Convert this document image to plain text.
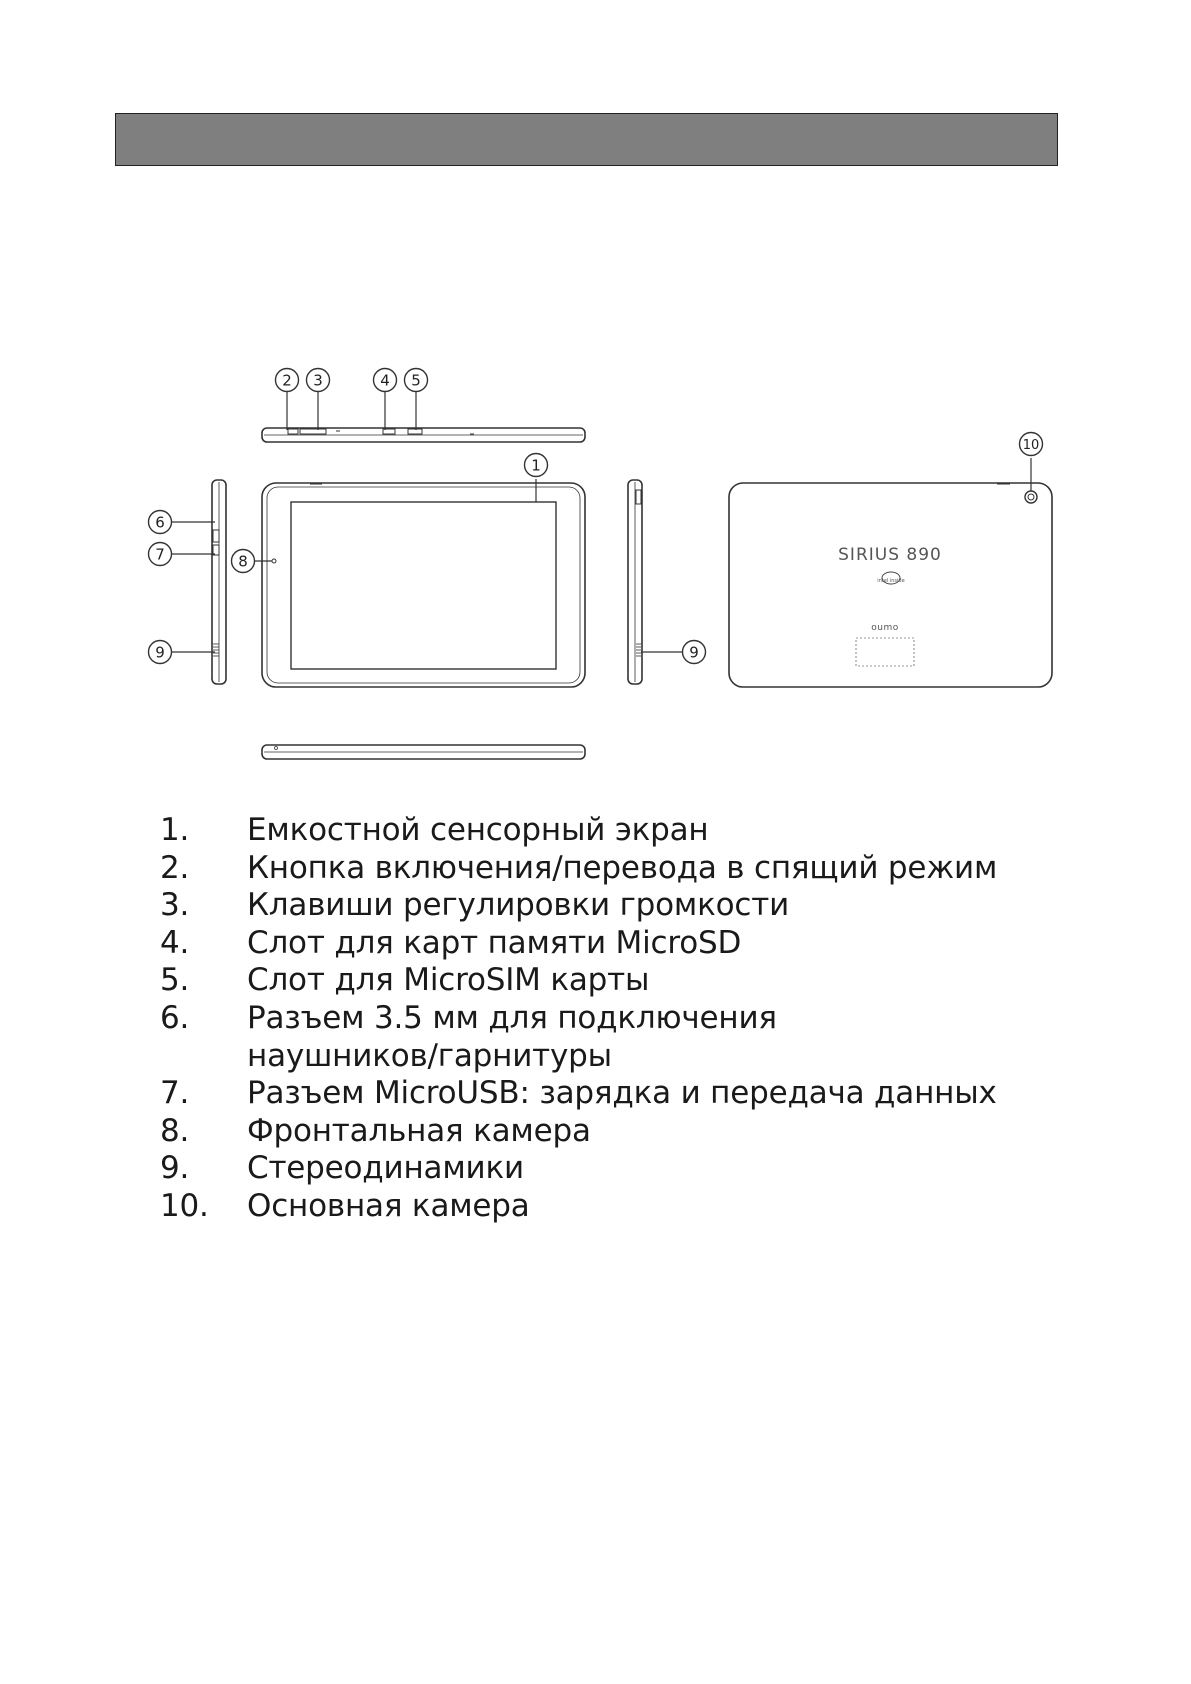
2 3	4 5
1
6
7	8
9	9
10
SIRIUS 890
oumo
intel inside
1.	Емкостной сенсорный экран
2.	Кнопка включения/перевода в спящий режим
3.	Клавиши регулировки громкости
4.	Слот для карт памяти MicroSD
5.	Слот для MicroSIM карты
6.	Разъем 3.5 мм для подключения
наушников/гарнитуры
7.	Разъем MicroUSB: зарядка и передача данных
8.	Фронтальная камера
9.	Стереодинамики
10.	Основная камера
